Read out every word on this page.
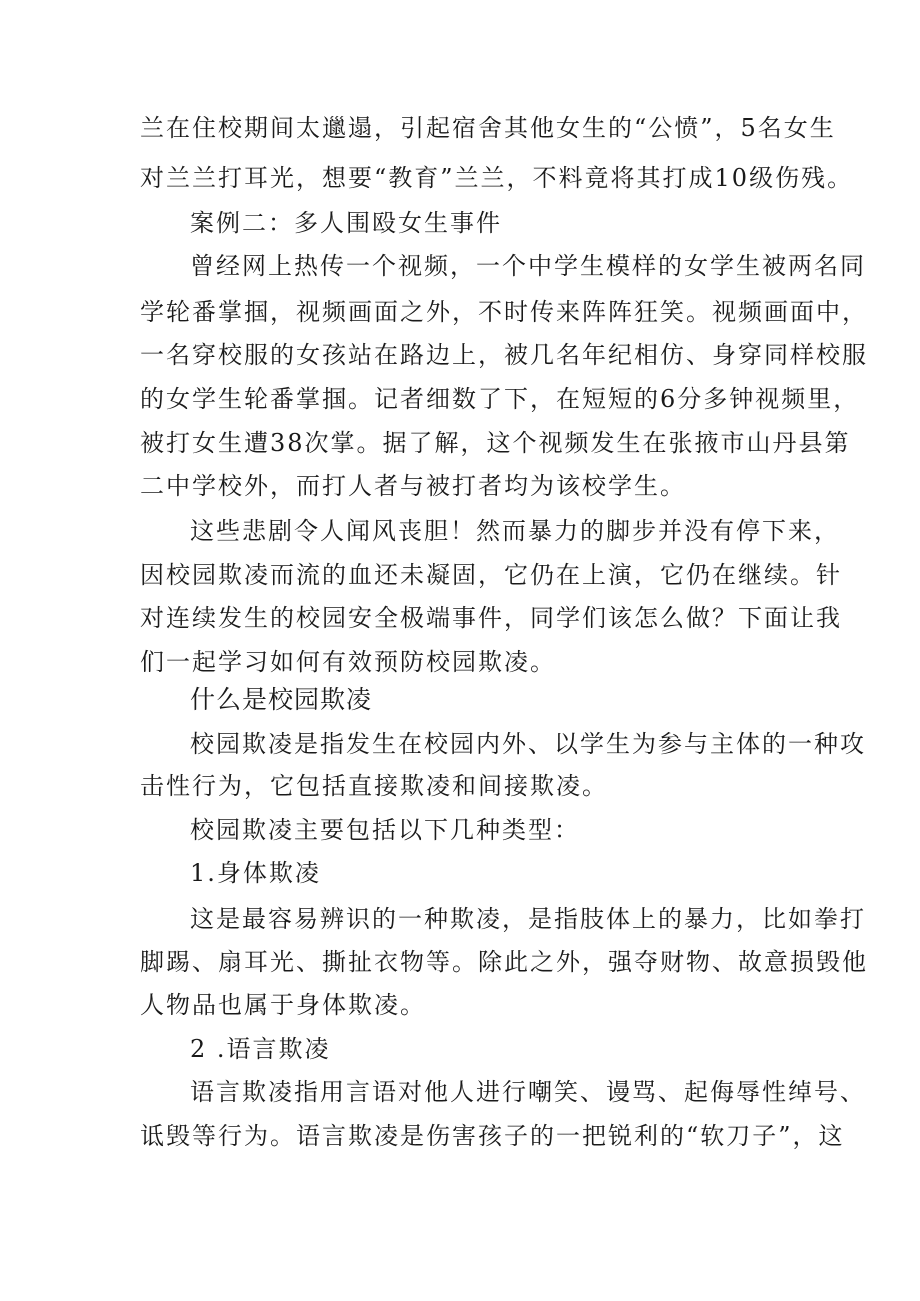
兰在住校期间太邋遢，引起宿舍其他女生的“公愤”，5名女生
对兰兰打耳光，想要“教育”兰兰，不料竟将其打成10级伤残。
案例二：多人围殴女生事件
曾经网上热传一个视频，一个中学生模样的女学生被两名同
学轮番掌掴，视频画面之外，不时传来阵阵狂笑。视频画面中，
一名穿校服的女孩站在路边上，被几名年纪相仿、身穿同样校服
的女学生轮番掌掴。记者细数了下，在短短的6分多钟视频里，
被打女生遭38次掌。据了解，这个视频发生在张掖市山丹县第
二中学校外，而打人者与被打者均为该校学生。
这些悲剧令人闻风丧胆！然而暴力的脚步并没有停下来，
因校园欺凌而流的血还未凝固，它仍在上演，它仍在继续。针
对连续发生的校园安全极端事件，同学们该怎么做？下面让我
们一起学习如何有效预防校园欺凌。
什么是校园欺凌
校园欺凌是指发生在校园内外、以学生为参与主体的一种攻
击性行为，它包括直接欺凌和间接欺凌。
校园欺凌主要包括以下几种类型：
1.身体欺凌
这是最容易辨识的一种欺凌，是指肢体上的暴力，比如拳打
脚踢、扇耳光、撕扯衣物等。除此之外，强夺财物、故意损毁他
人物品也属于身体欺凌。
2 .语言欺凌
语言欺凌指用言语对他人进行嘲笑、谩骂、起侮辱性绰号、
诋毁等行为。语言欺凌是伤害孩子的一把锐利的“软刀子”，这
